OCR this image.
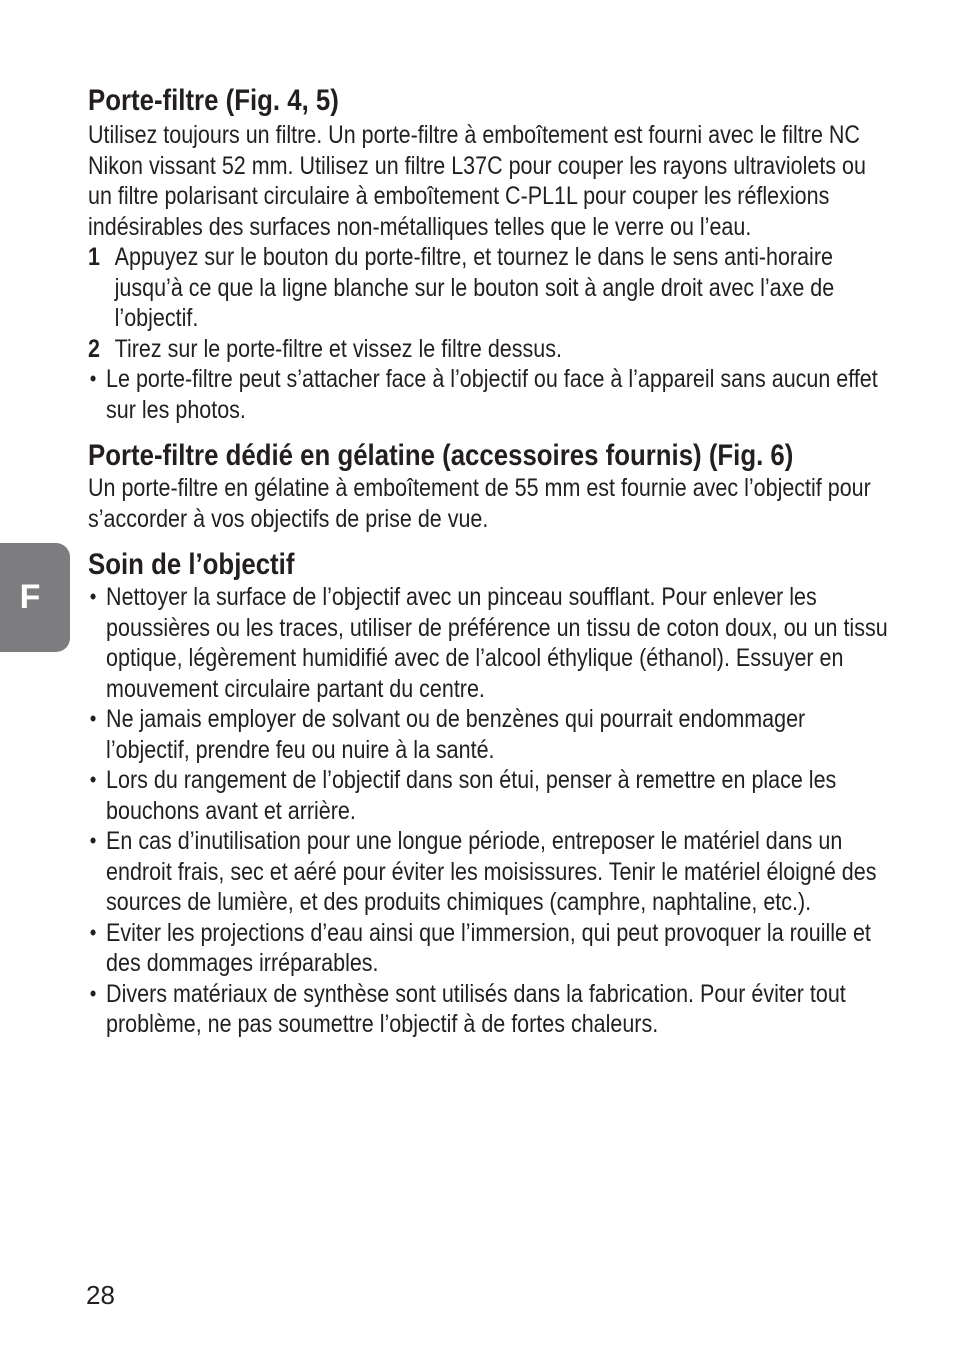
F
Porte-filtre (Fig. 4, 5)

Utilisez toujours un filtre. Un porte-filtre à emboîtement est fourni avec le filtre NC Nikon vissant 52 mm. Utilisez un filtre L37C pour couper les rayons ultraviolets ou un filtre polarisant circulaire à emboîtement C-PL1L pour couper les réflexions indésirables des surfaces non-métalliques telles que le verre ou l’eau.

1 Appuyez sur le bouton du porte-filtre, et tournez le dans le sens anti-horaire jusqu’à ce que la ligne blanche sur le bouton soit à angle droit avec l’axe de l’objectif.
2 Tirez sur le porte-filtre et vissez le filtre dessus.
• Le porte-filtre peut s’attacher face à l’objectif ou face à l’appareil sans aucun effet sur les photos.
Porte-filtre dédié en gélatine (accessoires fournis) (Fig. 6)

Un porte-filtre en gélatine à emboîtement de 55 mm est fournie avec l’objectif pour s’accorder à vos objectifs de prise de vue.

Soin de l’objectif
• Nettoyer la surface de l’objectif avec un pinceau soufflant. Pour enlever les poussières ou les traces, utiliser de préférence un tissu de coton doux, ou un tissu optique, légèrement humidifié avec de l’alcool éthylique (éthanol). Essuyer en mouvement circulaire partant du centre.
• Ne jamais employer de solvant ou de benzènes qui pourrait endommager l’objectif, prendre feu ou nuire à la santé.
• Lors du rangement de l’objectif dans son étui, penser à remettre en place les bouchons avant et arrière.
• En cas d’inutilisation pour une longue période, entreposer le matériel dans un endroit frais, sec et aéré pour éviter les moisissures. Tenir le matériel éloigné des sources de lumière, et des produits chimiques (camphre, naphtaline, etc.).
• Eviter les projections d’eau ainsi que l’immersion, qui peut provoquer la rouille et des dommages irréparables.
• Divers matériaux de synthèse sont utilisés dans la fabrication. Pour éviter tout problème, ne pas soumettre l’objectif à de fortes chaleurs.
28
